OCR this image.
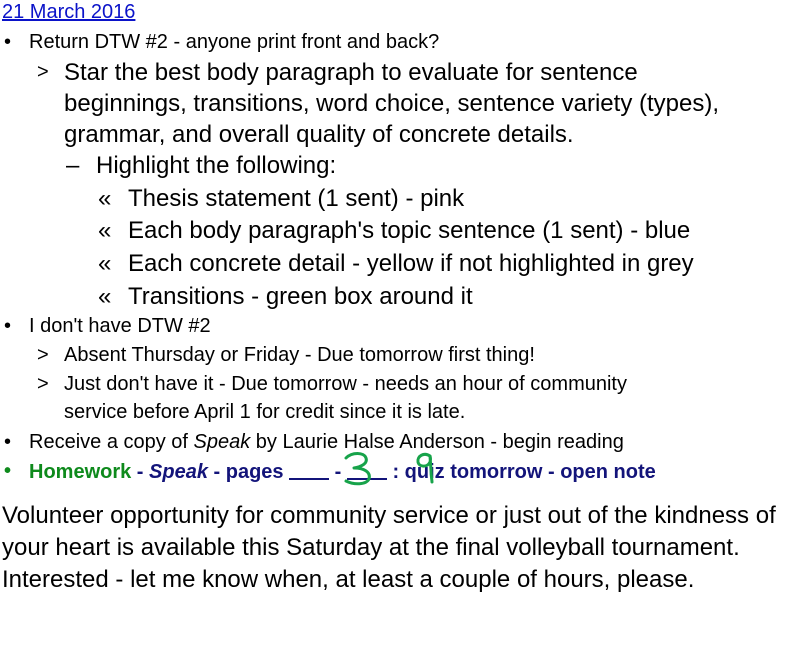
21 March 2016
• Return DTW #2 - anyone print front and back?
> Star the best body paragraph to evaluate for sentence
beginnings, transitions, word choice, sentence variety (types),
grammar, and overall quality of concrete details.
– Highlight the following:
« Thesis statement (1 sent) - pink
« Each body paragraph's topic sentence (1 sent) - blue
« Each concrete detail - yellow if not highlighted in grey
« Transitions - green box around it
• I don't have DTW #2
> Absent Thursday or Friday - Due tomorrow first thing!
> Just don't have it - Due tomorrow - needs an hour of community
service before April 1 for credit since it is late.
• Receive a copy of Speak by Laurie Halse Anderson - begin reading
• Homework - Speak - pages
-
: quiz tomorrow - open note
Volunteer opportunity for community service or just out of the kindness of your heart is available this Saturday at the final volleyball tournament. Interested - let me know when, at least a couple of hours, please.
